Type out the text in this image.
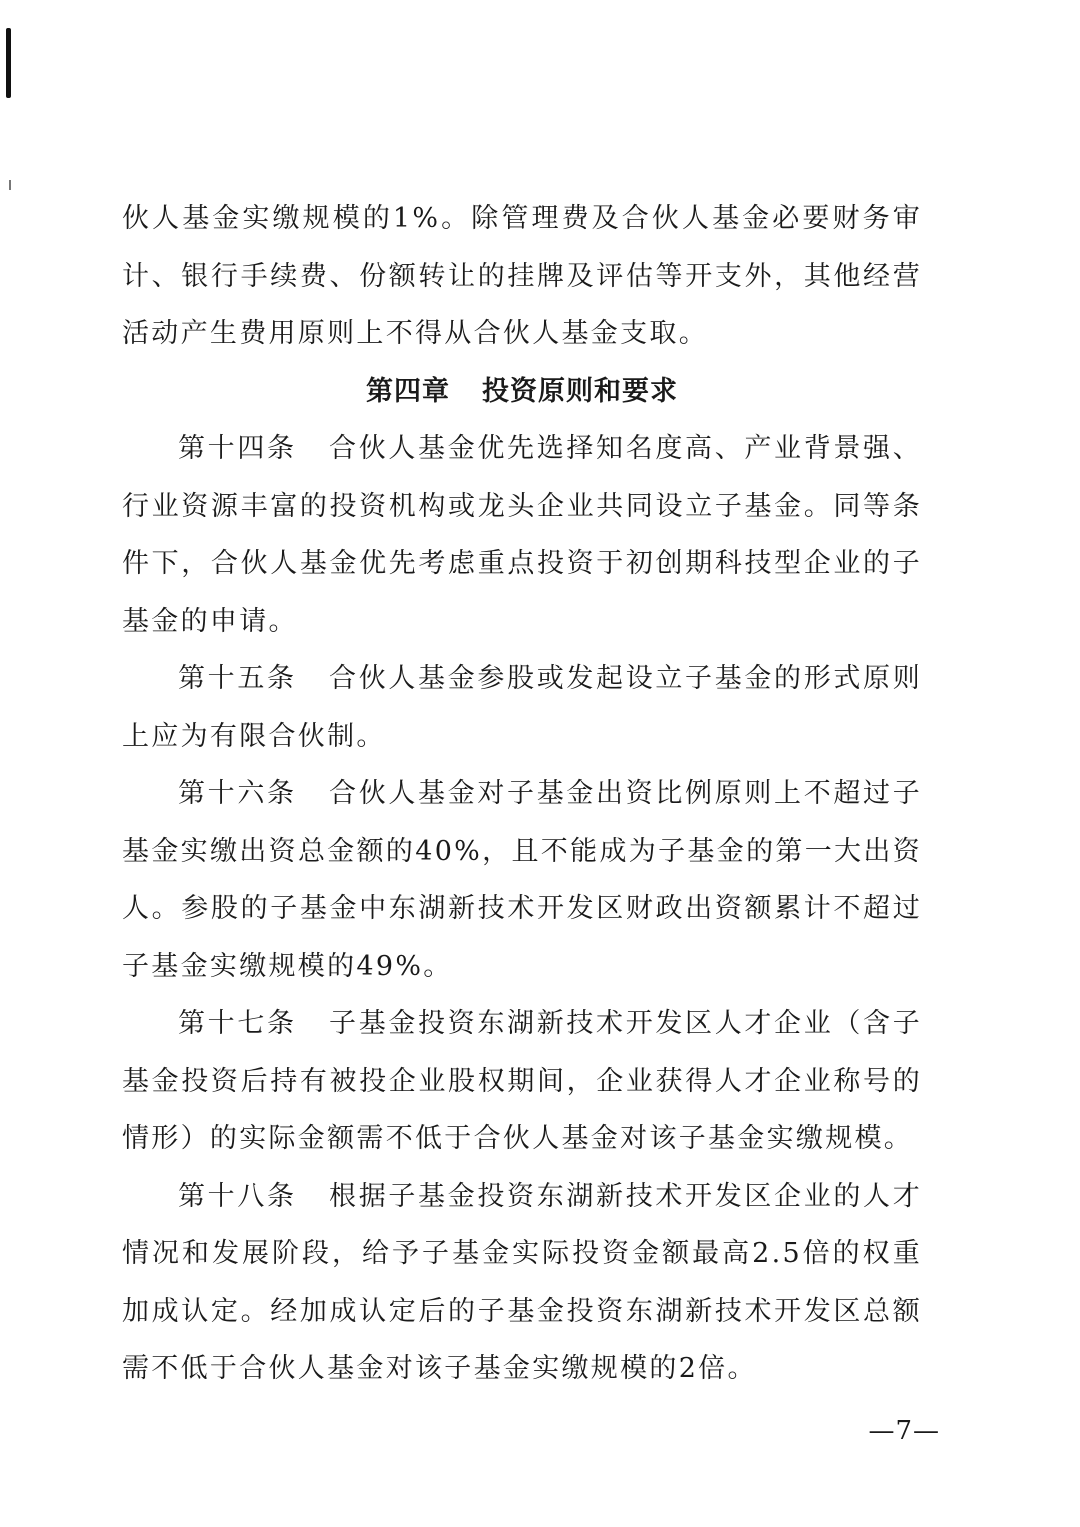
伙人基金实缴规模的1%。除管理费及合伙人基金必要财务审计、银行手续费、份额转让的挂牌及评估等开支外，其他经营活动产生费用原则上不得从合伙人基金支取。

第四章 投资原则和要求

第十四条 合伙人基金优先选择知名度高、产业背景强、行业资源丰富的投资机构或龙头企业共同设立子基金。同等条件下，合伙人基金优先考虑重点投资于初创期科技型企业的子基金的申请。

第十五条 合伙人基金参股或发起设立子基金的形式原则上应为有限合伙制。

第十六条 合伙人基金对子基金出资比例原则上不超过子基金实缴出资总金额的40%，且不能成为子基金的第一大出资人。参股的子基金中东湖新技术开发区财政出资额累计不超过子基金实缴规模的49%。

第十七条 子基金投资东湖新技术开发区人才企业（含子基金投资后持有被投企业股权期间，企业获得人才企业称号的情形）的实际金额需不低于合伙人基金对该子基金实缴规模。

第十八条 根据子基金投资东湖新技术开发区企业的人才情况和发展阶段，给予子基金实际投资金额最高2.5倍的权重加成认定。经加成认定后的子基金投资东湖新技术开发区总额需不低于合伙人基金对该子基金实缴规模的2倍。

—7—
